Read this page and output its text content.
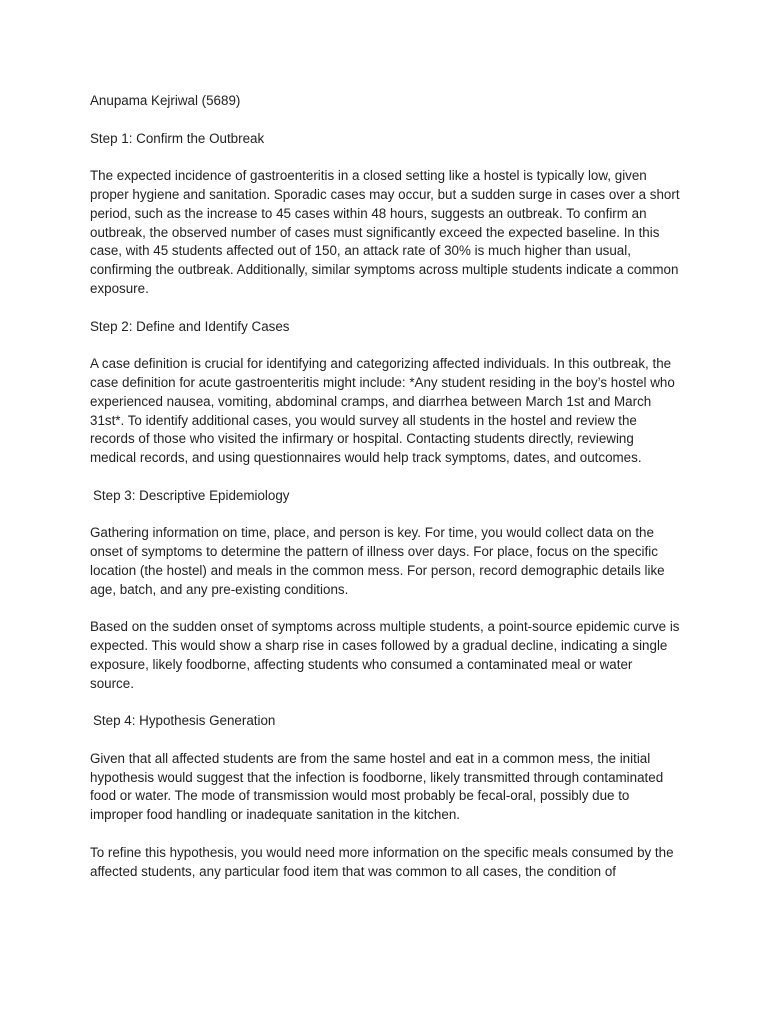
Anupama Kejriwal (5689)

Step 1: Confirm the Outbreak

The expected incidence of gastroenteritis in a closed setting like a hostel is typically low, given proper hygiene and sanitation. Sporadic cases may occur, but a sudden surge in cases over a short period, such as the increase to 45 cases within 48 hours, suggests an outbreak. To confirm an outbreak, the observed number of cases must significantly exceed the expected baseline. In this case, with 45 students affected out of 150, an attack rate of 30% is much higher than usual, confirming the outbreak. Additionally, similar symptoms across multiple students indicate a common exposure.

Step 2: Define and Identify Cases

A case definition is crucial for identifying and categorizing affected individuals. In this outbreak, the case definition for acute gastroenteritis might include: *Any student residing in the boy’s hostel who experienced nausea, vomiting, abdominal cramps, and diarrhea between March 1st and March 31st*. To identify additional cases, you would survey all students in the hostel and review the records of those who visited the infirmary or hospital. Contacting students directly, reviewing medical records, and using questionnaires would help track symptoms, dates, and outcomes.

Step 3: Descriptive Epidemiology

Gathering information on time, place, and person is key. For time, you would collect data on the onset of symptoms to determine the pattern of illness over days. For place, focus on the specific location (the hostel) and meals in the common mess. For person, record demographic details like age, batch, and any pre-existing conditions.

Based on the sudden onset of symptoms across multiple students, a point-source epidemic curve is expected. This would show a sharp rise in cases followed by a gradual decline, indicating a single exposure, likely foodborne, affecting students who consumed a contaminated meal or water source.

Step 4: Hypothesis Generation

Given that all affected students are from the same hostel and eat in a common mess, the initial hypothesis would suggest that the infection is foodborne, likely transmitted through contaminated food or water. The mode of transmission would most probably be fecal-oral, possibly due to improper food handling or inadequate sanitation in the kitchen.

To refine this hypothesis, you would need more information on the specific meals consumed by the affected students, any particular food item that was common to all cases, the condition of
